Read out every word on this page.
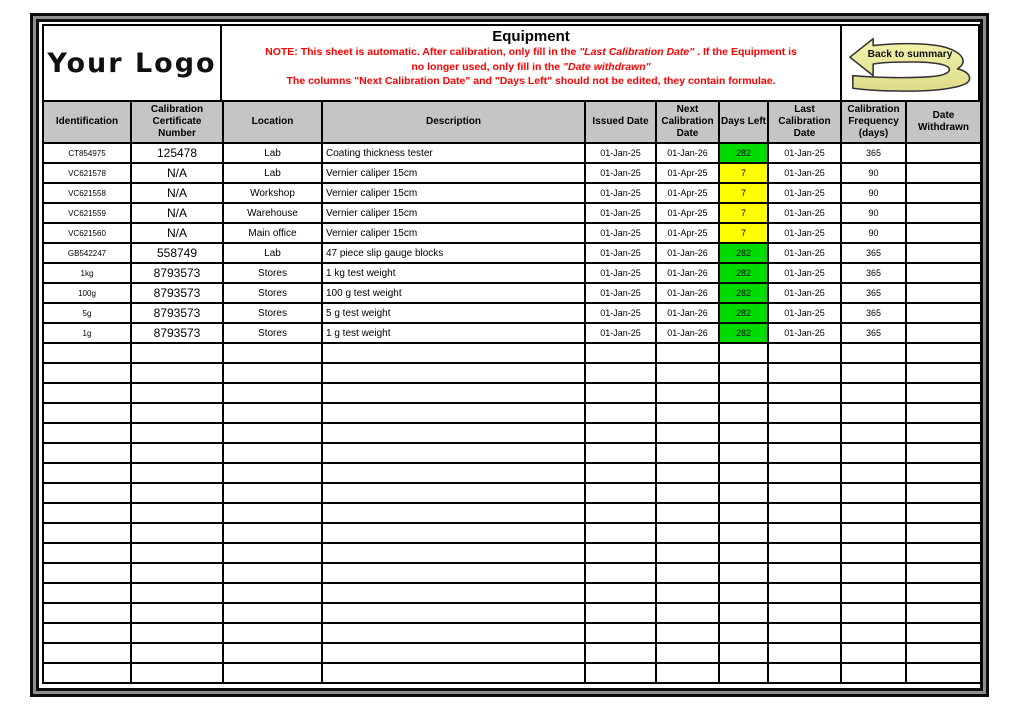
Your Logo
Equipment
NOTE: This sheet is automatic. After calibration, only fill in the "Last Calibration Date" . If the Equipment is
no longer used, only fill in the "Date withdrawn"
The columns "Next Calibration Date" and "Days Left" should not be edited, they contain formulae.
Back to summary
Identification	Calibration Certificate Number	Location	Description	Issued Date	Next Calibration Date	Days Left	Last Calibration Date	Calibration Frequency (days)	Date Withdrawn
CT854975	125478	Lab	Coating thickness tester	01-Jan-25	01-Jan-26	282	01-Jan-25	365	
VC621578	N/A	Lab	Vernier caliper 15cm	01-Jan-25	01-Apr-25	7	01-Jan-25	90	
VC621558	N/A	Workshop	Vernier caliper 15cm	01-Jan-25	01-Apr-25	7	01-Jan-25	90	
VC621559	N/A	Warehouse	Vernier caliper 15cm	01-Jan-25	01-Apr-25	7	01-Jan-25	90	
VC621560	N/A	Main office	Vernier caliper 15cm	01-Jan-25	01-Apr-25	7	01-Jan-25	90	
GB542247	558749	Lab	47 piece slip gauge blocks	01-Jan-25	01-Jan-26	282	01-Jan-25	365	
1kg	8793573	Stores	1 kg test weight	01-Jan-25	01-Jan-26	282	01-Jan-25	365	
100g	8793573	Stores	100 g test weight	01-Jan-25	01-Jan-26	282	01-Jan-25	365	
5g	8793573	Stores	5 g test weight	01-Jan-25	01-Jan-26	282	01-Jan-25	365	
1g	8793573	Stores	1 g test weight	01-Jan-25	01-Jan-26	282	01-Jan-25	365	
